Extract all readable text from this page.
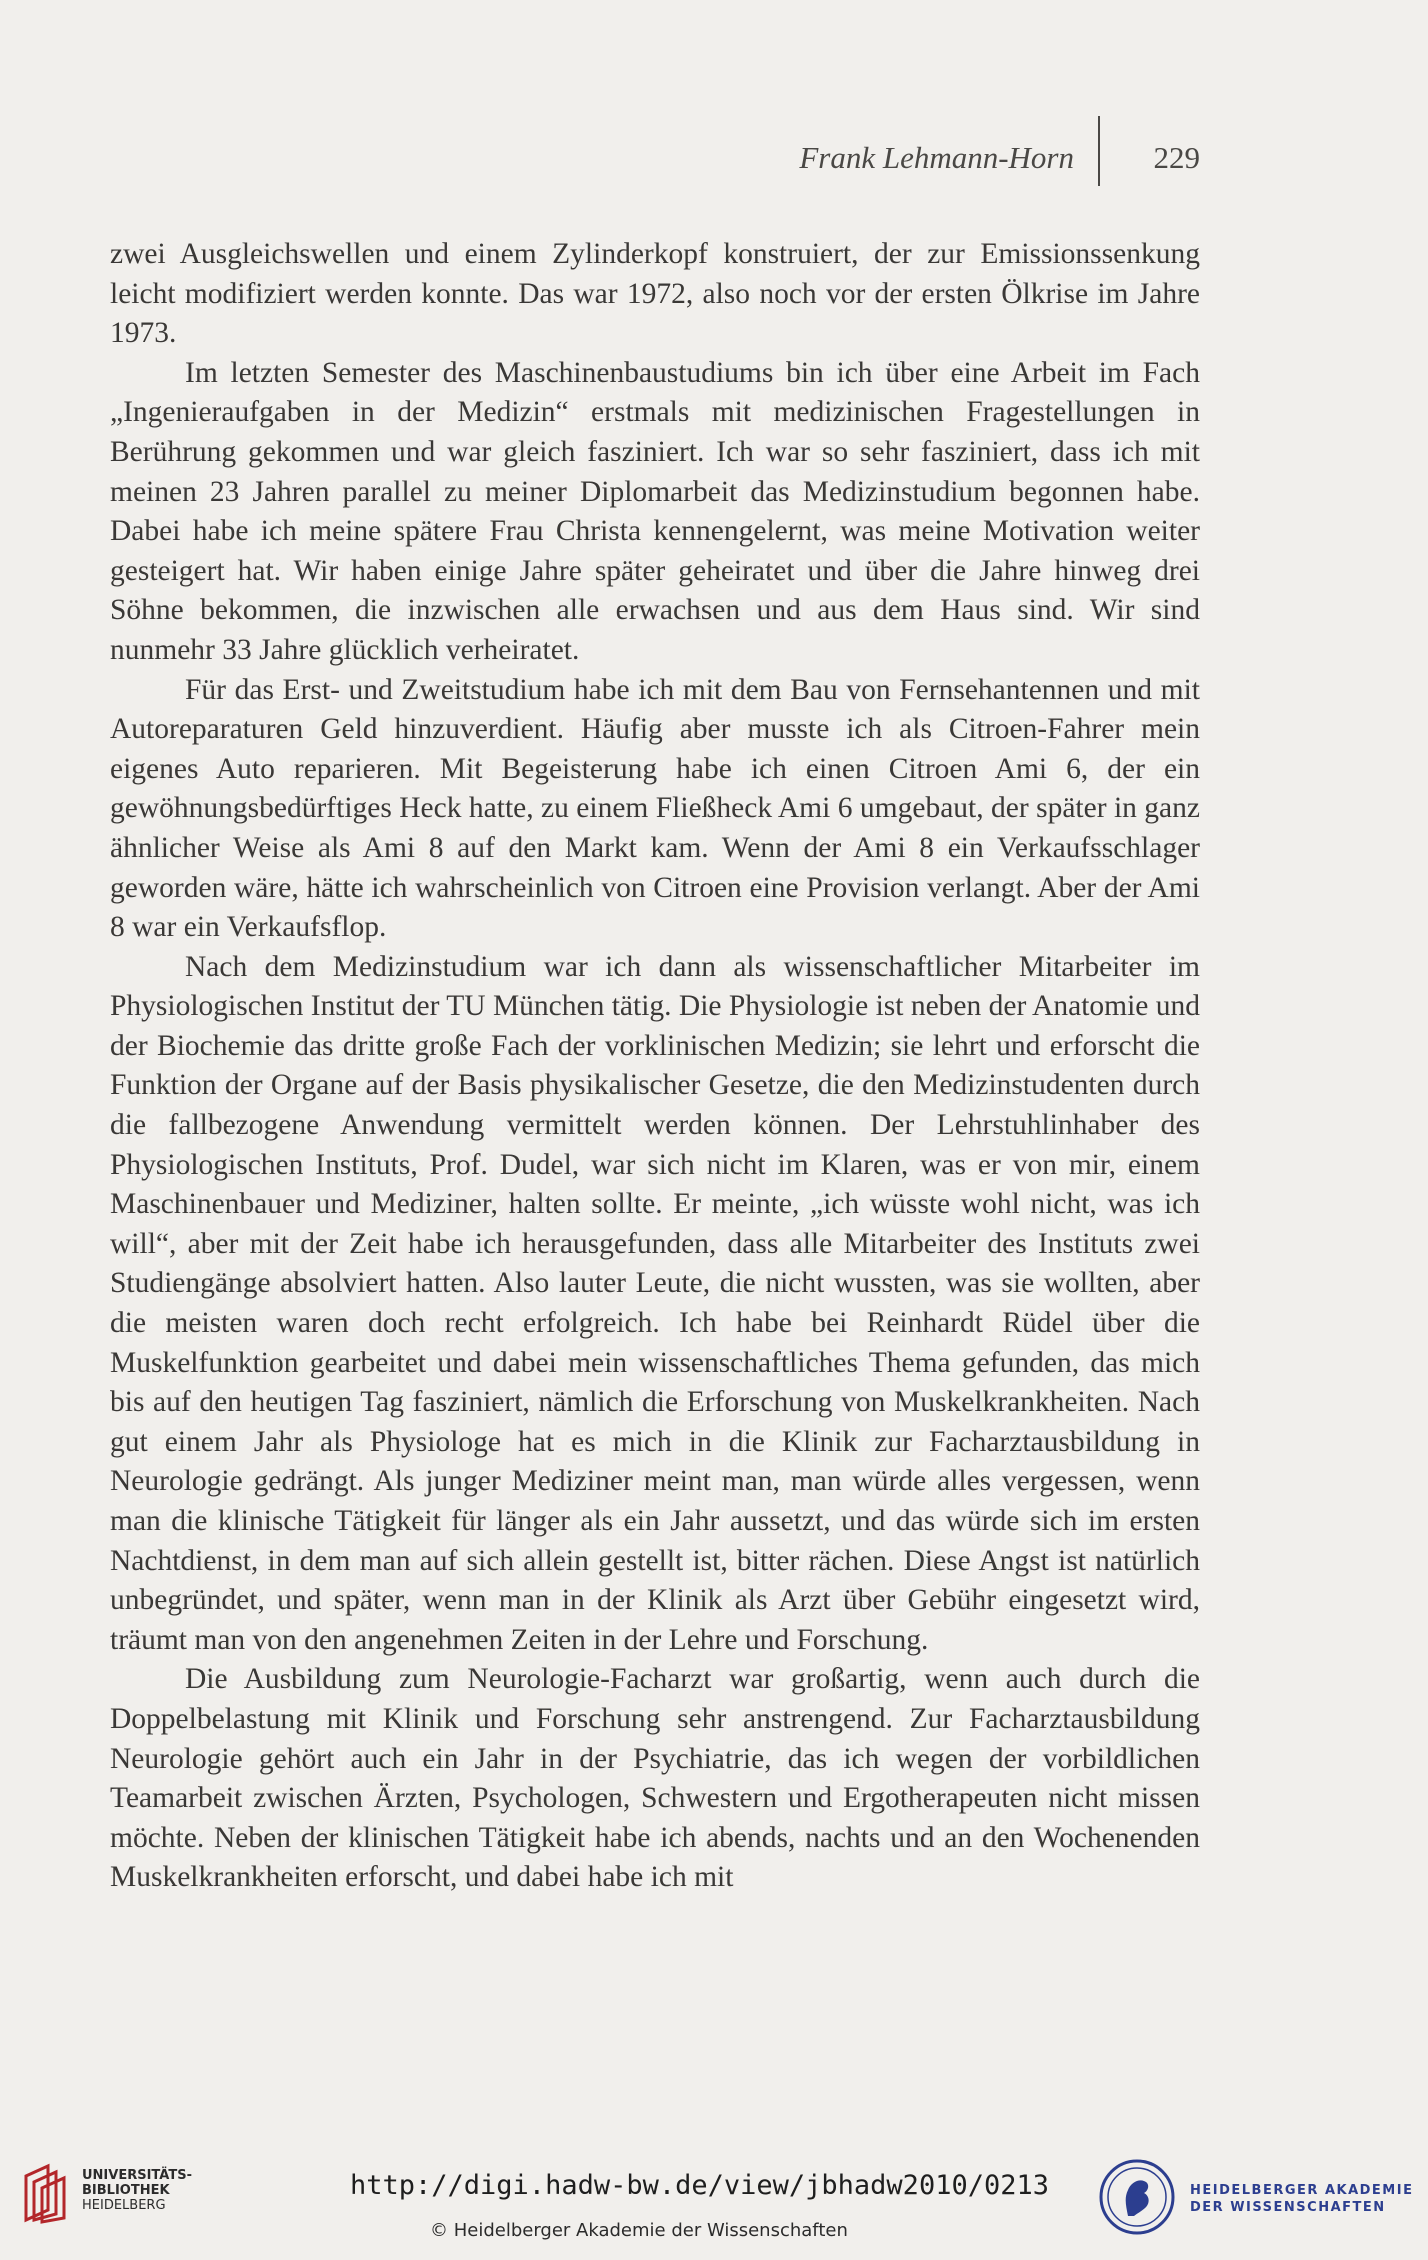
Frank Lehmann-Horn	229

zwei Ausgleichswellen und einem Zylinderkopf konstruiert, der zur Emissionssenkung leicht modifiziert werden konnte. Das war 1972, also noch vor der ersten Ölkrise im Jahre 1973.

Im letzten Semester des Maschinenbaustudiums bin ich über eine Arbeit im Fach „Ingenieraufgaben in der Medizin“ erstmals mit medizinischen Fragestellungen in Berührung gekommen und war gleich fasziniert. Ich war so sehr fasziniert, dass ich mit meinen 23 Jahren parallel zu meiner Diplomarbeit das Medizinstudium begonnen habe. Dabei habe ich meine spätere Frau Christa kennengelernt, was meine Motivation weiter gesteigert hat. Wir haben einige Jahre später geheiratet und über die Jahre hinweg drei Söhne bekommen, die inzwischen alle erwachsen und aus dem Haus sind. Wir sind nunmehr 33 Jahre glücklich verheiratet.

Für das Erst- und Zweitstudium habe ich mit dem Bau von Fernsehantennen und mit Autoreparaturen Geld hinzuverdient. Häufig aber musste ich als Citroen-Fahrer mein eigenes Auto reparieren. Mit Begeisterung habe ich einen Citroen Ami 6, der ein gewöhnungsbedürftiges Heck hatte, zu einem Fließheck Ami 6 umgebaut, der später in ganz ähnlicher Weise als Ami 8 auf den Markt kam. Wenn der Ami 8 ein Verkaufsschlager geworden wäre, hätte ich wahrscheinlich von Citroen eine Provision verlangt. Aber der Ami 8 war ein Verkaufsflop.

Nach dem Medizinstudium war ich dann als wissenschaftlicher Mitarbeiter im Physiologischen Institut der TU München tätig. Die Physiologie ist neben der Anatomie und der Biochemie das dritte große Fach der vorklinischen Medizin; sie lehrt und erforscht die Funktion der Organe auf der Basis physikalischer Gesetze, die den Medizinstudenten durch die fallbezogene Anwendung vermittelt werden können. Der Lehrstuhlinhaber des Physiologischen Instituts, Prof. Dudel, war sich nicht im Klaren, was er von mir, einem Maschinenbauer und Mediziner, halten sollte. Er meinte, „ich wüsste wohl nicht, was ich will“, aber mit der Zeit habe ich herausgefunden, dass alle Mitarbeiter des Instituts zwei Studiengänge absolviert hatten. Also lauter Leute, die nicht wussten, was sie wollten, aber die meisten waren doch recht erfolgreich. Ich habe bei Reinhardt Rüdel über die Muskelfunktion gearbeitet und dabei mein wissenschaftliches Thema gefunden, das mich bis auf den heutigen Tag fasziniert, nämlich die Erforschung von Muskelkrankheiten. Nach gut einem Jahr als Physiologe hat es mich in die Klinik zur Facharztausbildung in Neurologie gedrängt. Als junger Mediziner meint man, man würde alles vergessen, wenn man die klinische Tätigkeit für länger als ein Jahr aussetzt, und das würde sich im ersten Nachtdienst, in dem man auf sich allein gestellt ist, bitter rächen. Diese Angst ist natürlich unbegründet, und später, wenn man in der Klinik als Arzt über Gebühr eingesetzt wird, träumt man von den angenehmen Zeiten in der Lehre und Forschung.

Die Ausbildung zum Neurologie-Facharzt war großartig, wenn auch durch die Doppelbelastung mit Klinik und Forschung sehr anstrengend. Zur Facharztausbildung Neurologie gehört auch ein Jahr in der Psychiatrie, das ich wegen der vorbildlichen Teamarbeit zwischen Ärzten, Psychologen, Schwestern und Ergotherapeuten nicht missen möchte. Neben der klinischen Tätigkeit habe ich abends, nachts und an den Wochenenden Muskelkrankheiten erforscht, und dabei habe ich mit

UNIVERSITÄTS-
BIBLIOTHEK
HEIDELBERG
http://digi.hadw-bw.de/view/jbhadw2010/0213
© Heidelberger Akademie der Wissenschaften
HEIDELBERGER AKADEMIE
DER WISSENSCHAFTEN
